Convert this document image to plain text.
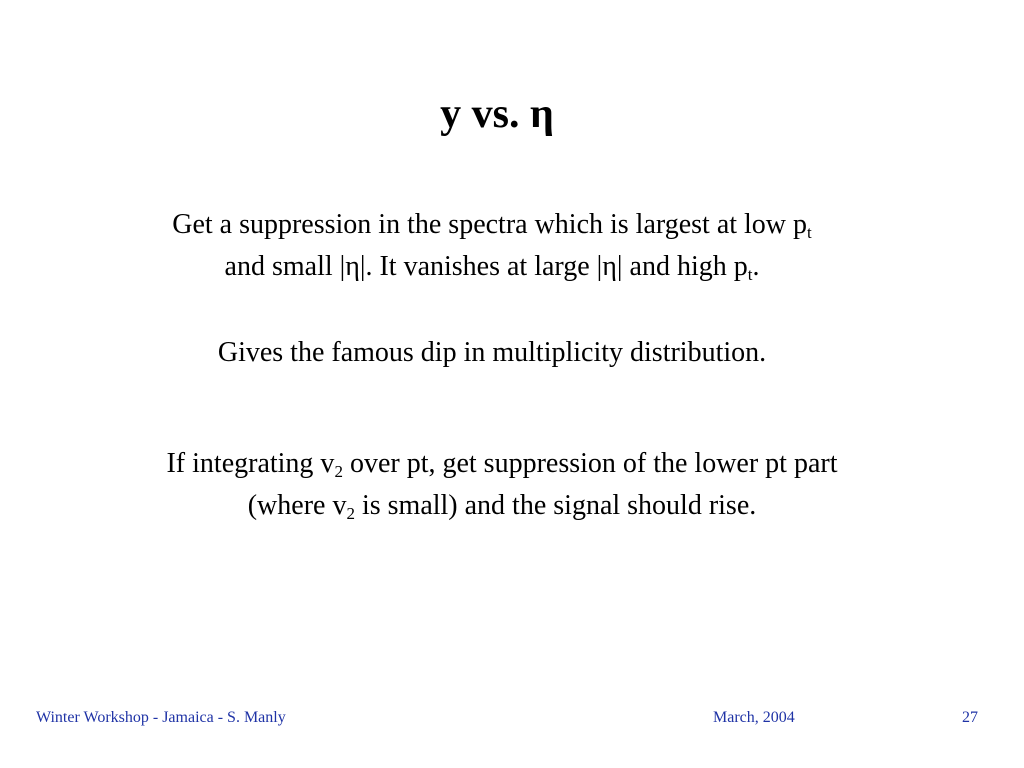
y vs. η
Get a suppression in the spectra which is largest at low $p_t$
and small |η|. It vanishes at large |η| and high $p_t$.
Gives the famous dip in multiplicity distribution.
If integrating $v_2$ over pt, get suppression of the lower pt part
(where $v_2$ is small) and the signal should rise.
Winter Workshop - Jamaica - S. Manly	March, 2004	27
